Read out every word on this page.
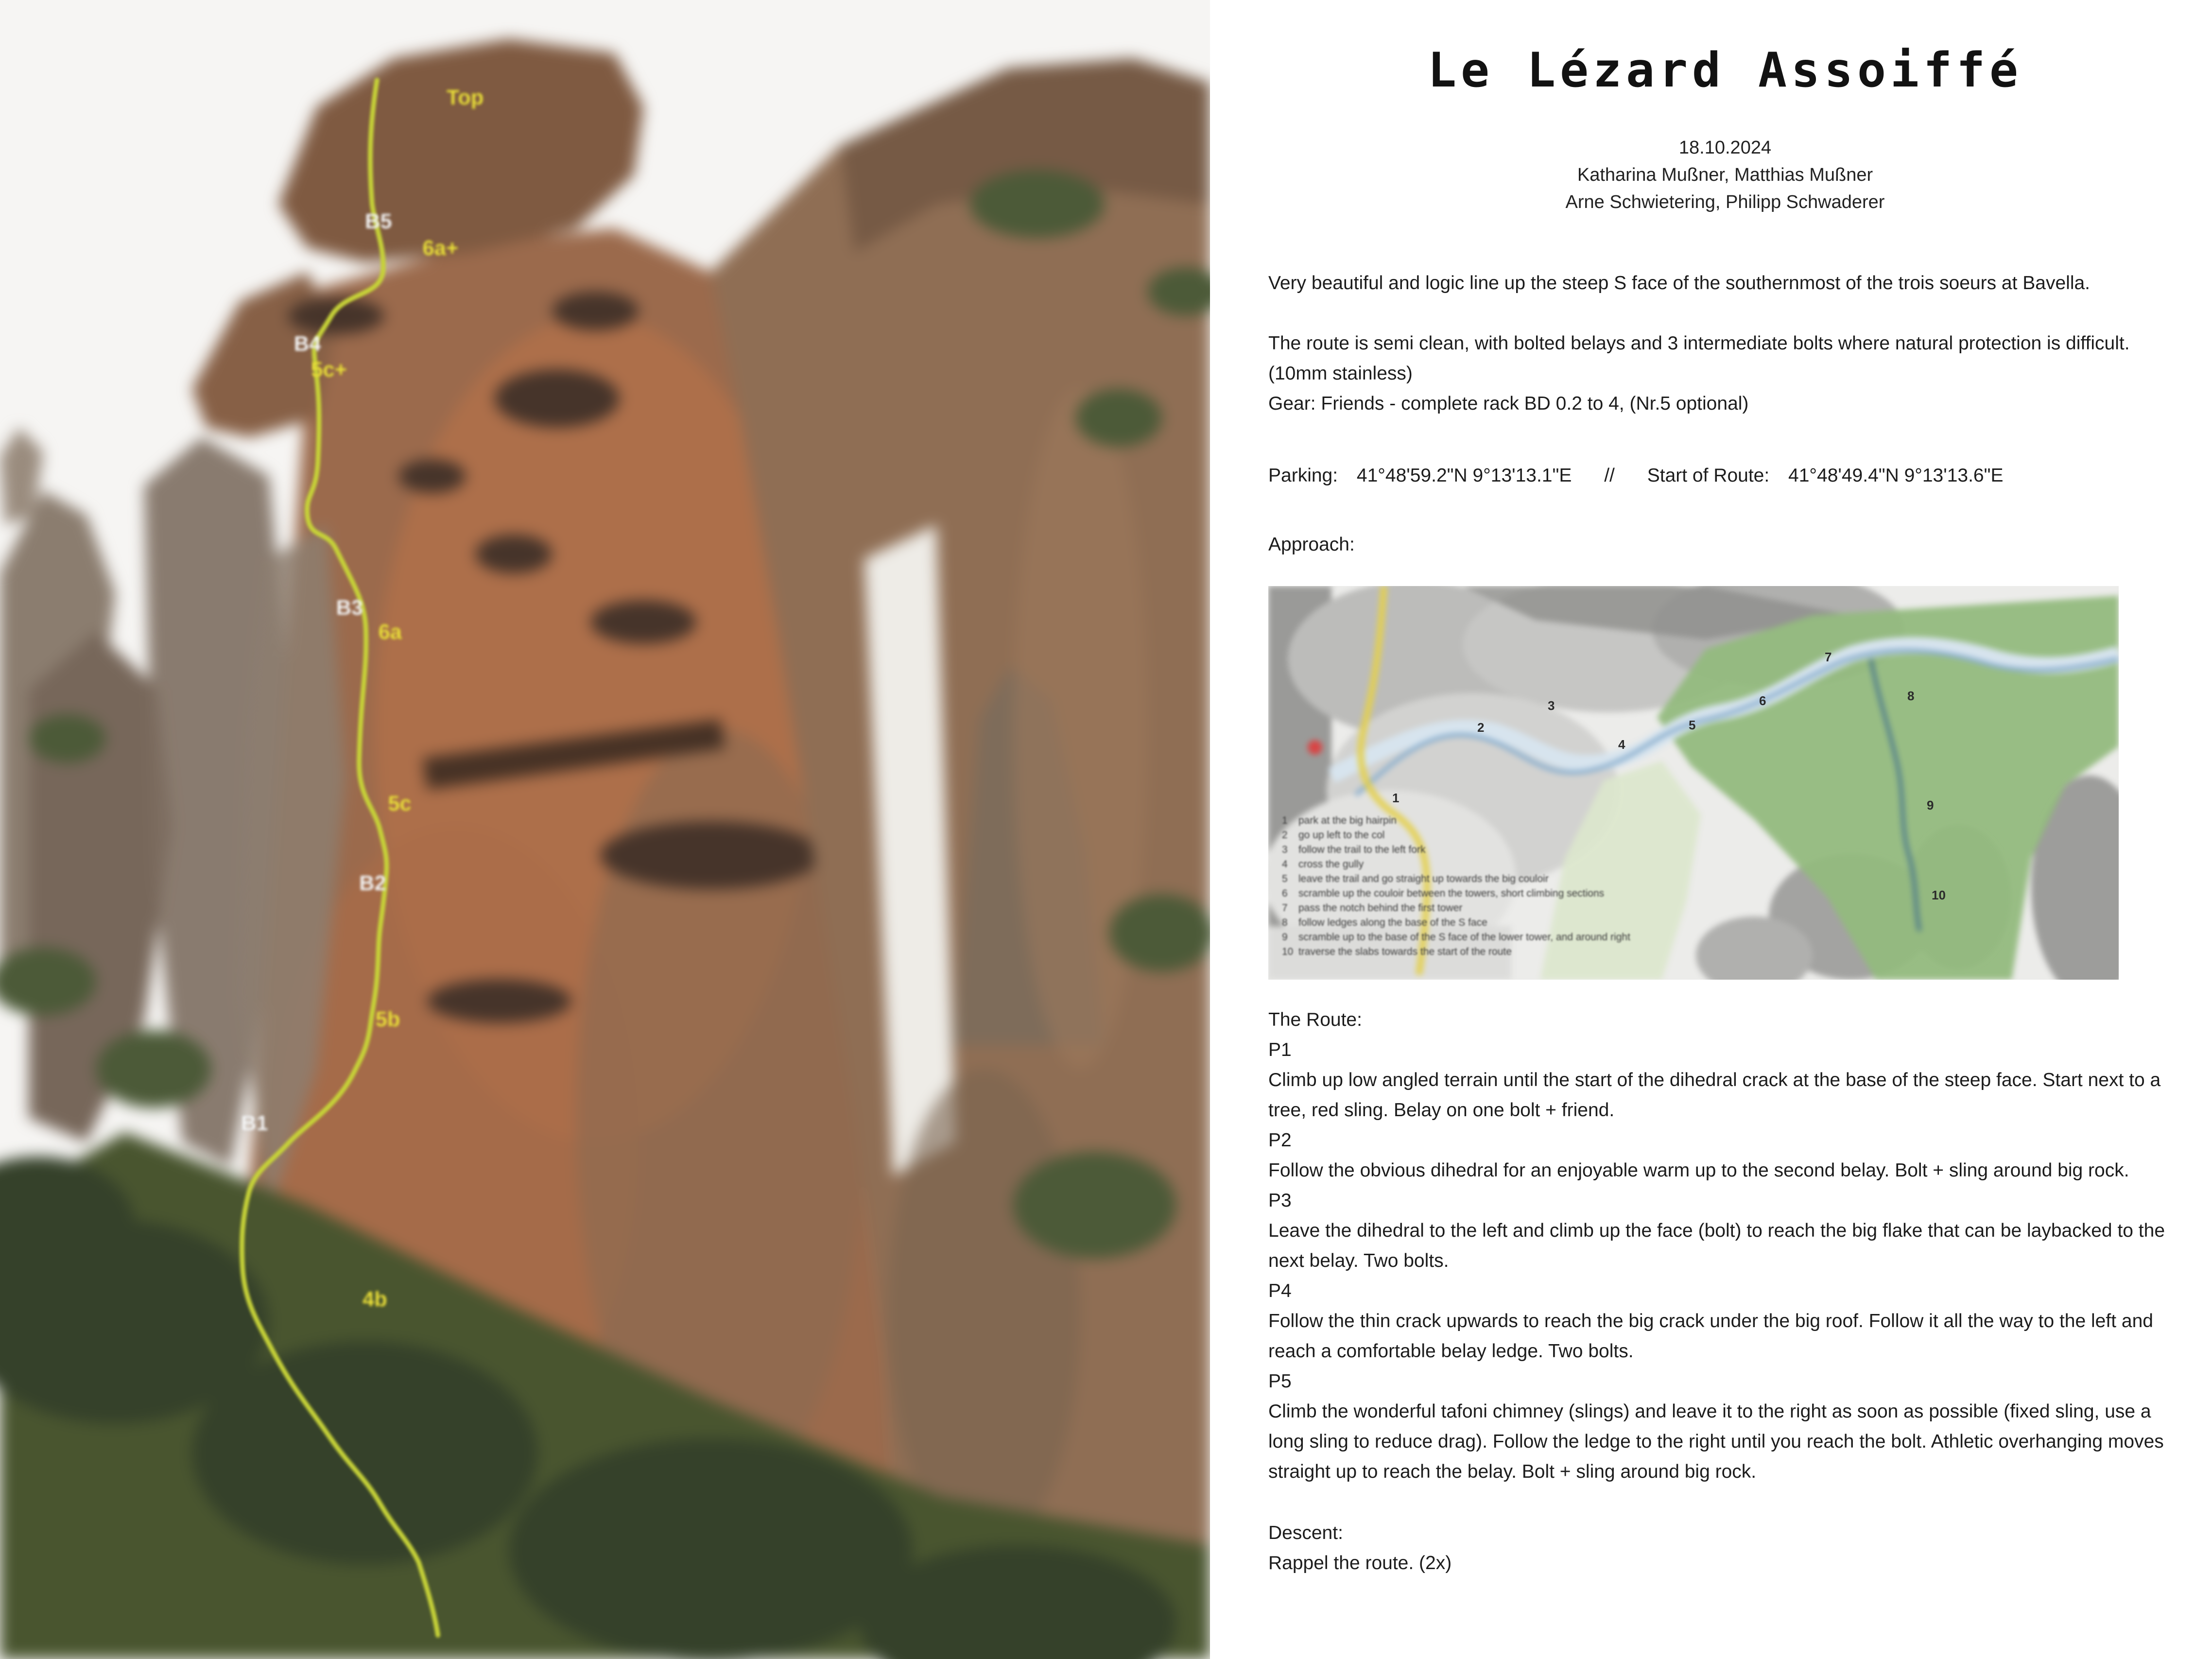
Top
6a+
B5
5c+
B4
B3
6a
5c
B2
5b
B1
4b
Le Lézard Assoiffé
18.10.2024
Katharina Mußner, Matthias Mußner
Arne Schwietering, Philipp Schwaderer

Very beautiful and logic line up the steep S face of the southernmost of the trois soeurs at Bavella.

The route is semi clean, with bolted belays and 3 intermediate bolts where natural protection is difficult. (10mm stainless)

Gear: Friends - complete rack BD 0.2 to 4, (Nr.5 optional)

Parking: 41°48'59.2"N 9°13'13.1"E // Start of Route: 41°48'49.4"N 9°13'13.6"E
Approach:
1
2
3
4
5
6
7
8
9
10
1	park at the big hairpin
2	go up left to the col
3	follow the trail to the left fork
4	cross the gully
5	leave the trail and go straight up towards the big couloir
6	scramble up the couloir between the towers, short climbing sections
7	pass the notch behind the first tower
8	follow ledges along the base of the S face
9	scramble up to the base of the S face of the lower tower, and around right
10 traverse the slabs towards the start of the route
The Route:
P1
Climb up low angled terrain until the start of the dihedral crack at the base of the steep face. Start next to a tree, red sling. Belay on one bolt + friend.
P2
Follow the obvious dihedral for an enjoyable warm up to the second belay. Bolt + sling around big rock.
P3
Leave the dihedral to the left and climb up the face (bolt) to reach the big flake that can be laybacked to the next belay. Two bolts.
P4
Follow the thin crack upwards to reach the big crack under the big roof. Follow it all the way to the left and reach a comfortable belay ledge. Two bolts.
P5
Climb the wonderful tafoni chimney (slings) and leave it to the right as soon as possible (fixed sling, use a long sling to reduce drag). Follow the ledge to the right until you reach the bolt. Athletic overhanging moves straight up to reach the belay. Bolt + sling around big rock.
Descent:
Rappel the route. (2x)
